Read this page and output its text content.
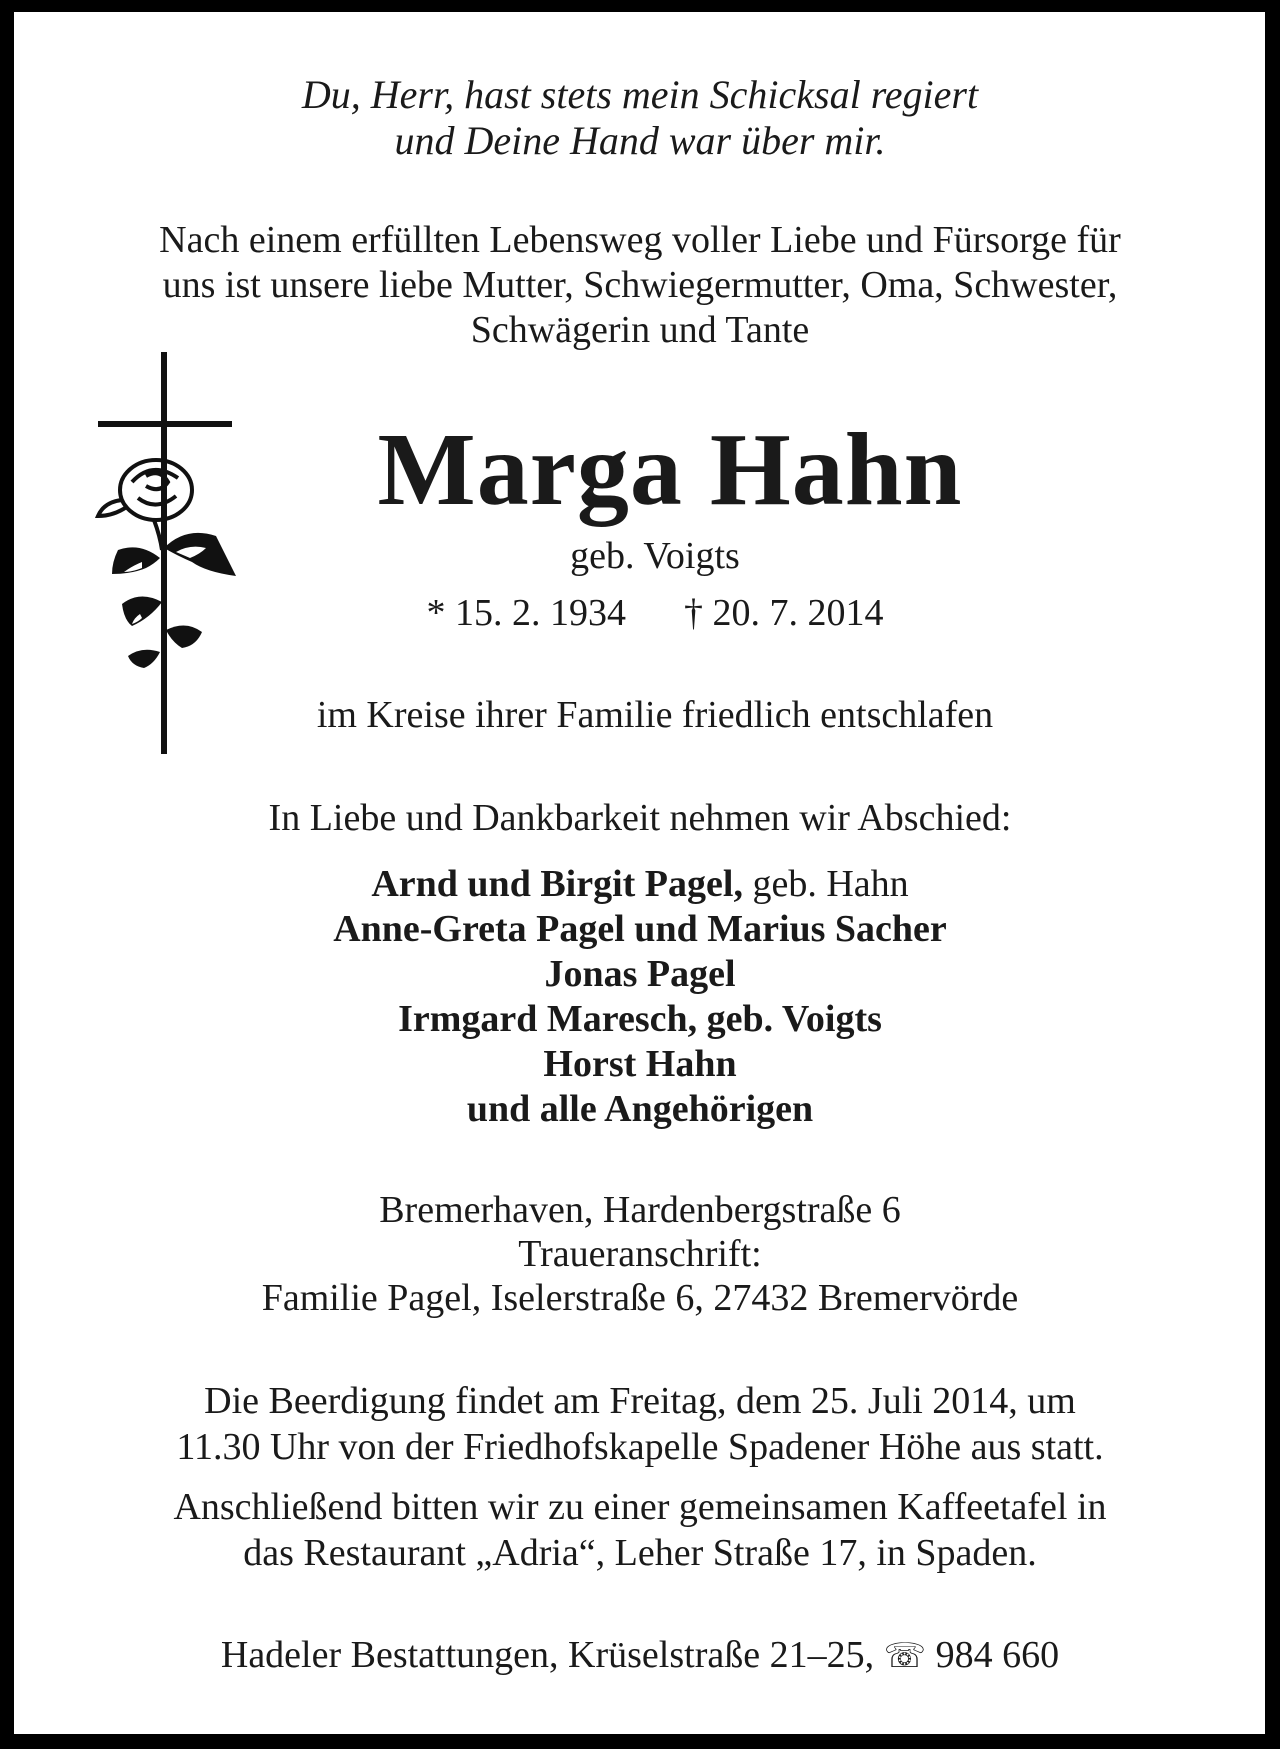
Du, Herr, hast stets mein Schicksal regiert
und Deine Hand war über mir.
Nach einem erfüllten Lebensweg voller Liebe und Fürsorge für
uns ist unsere liebe Mutter, Schwiegermutter, Oma, Schwester,
Schwägerin und Tante
Marga Hahn
geb. Voigts
* 15. 2. 1934 † 20. 7. 2014
im Kreise ihrer Familie friedlich entschlafen
In Liebe und Dankbarkeit nehmen wir Abschied:
Arnd und Birgit Pagel, geb. Hahn
Anne-Greta Pagel und Marius Sacher
Jonas Pagel
Irmgard Maresch, geb. Voigts
Horst Hahn
und alle Angehörigen
Bremerhaven, Hardenbergstraße 6
Traueranschrift:
Familie Pagel, Iselerstraße 6, 27432 Bremervörde
Die Beerdigung findet am Freitag, dem 25. Juli 2014, um
11.30 Uhr von der Friedhofskapelle Spadener Höhe aus statt.
Anschließend bitten wir zu einer gemeinsamen Kaffeetafel in
das Restaurant „Adria“, Leher Straße 17, in Spaden.
Hadeler Bestattungen, Krüselstraße 21–25, ☏ 984 660
